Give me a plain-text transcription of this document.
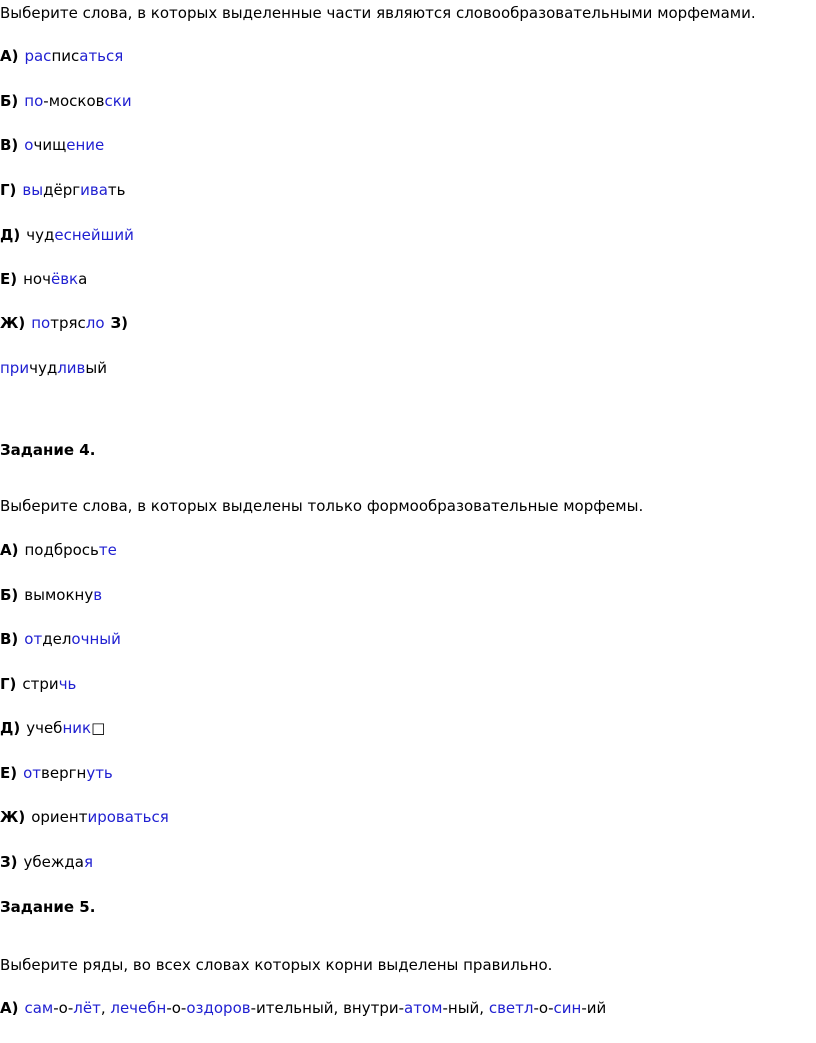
Выберите слова, в которых выделенные части являются словообразовательными морфемами.
А) расписаться
Б) по-московски
В) очищение
Г) выдёргивать
Д) чудеснейший
Е) ночёвка
Ж) потрясло З)
причудливый
Задание 4.
Выберите слова, в которых выделены только формообразовательные морфемы.
А) подбросьте
Б) вымокнув
В) отделочный
Г) стричь
Д) учебник□
Е) отвергнуть
Ж) ориентироваться
З) убеждая
Задание 5.
Выберите ряды, во всех словах которых корни выделены правильно.
А) сам-о-лёт, лечебн-о-оздоров-ительный, внутри-атом-ный, светл-о-син-ий
